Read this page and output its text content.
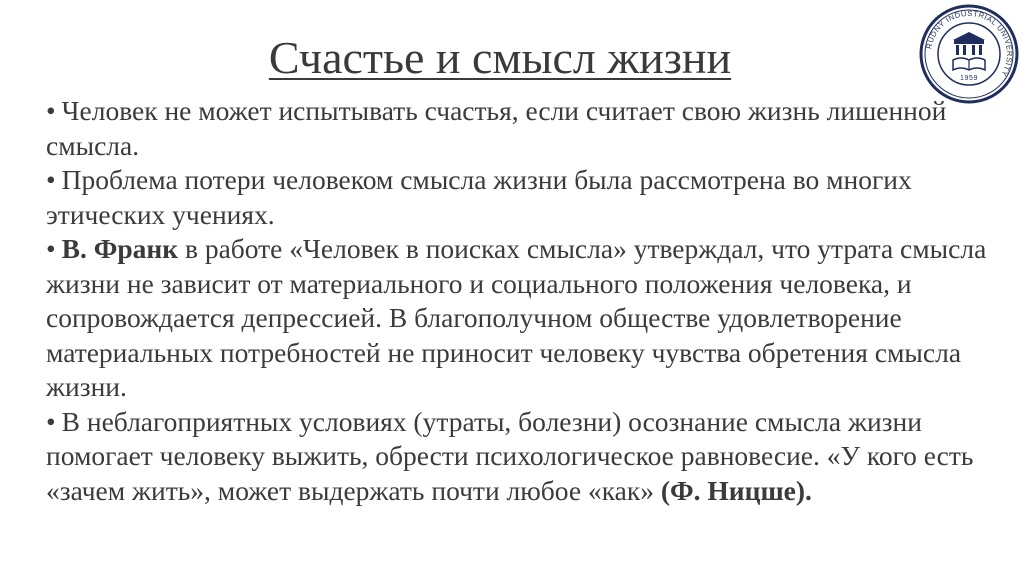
Счастье и смысл жизни	RUDNY INDUSTRIAL UNIVERSITY
1959

• Человек не может испытывать счастья, если считает свою жизнь лишенной смысла.

• Проблема потери человеком смысла жизни была рассмотрена во многих этических учениях.

• В. Франк в работе «Человек в поисках смысла» утверждал, что утрата смысла жизни не зависит от материального и социального положения человека, и сопровождается депрессией. В благополучном обществе удовлетворение материальных потребностей не приносит человеку чувства обретения смысла жизни.

• В неблагоприятных условиях (утраты, болезни) осознание смысла жизни помогает человеку выжить, обрести психологическое равновесие. «У кого есть «зачем жить», может выдержать почти любое «как» (Ф. Ницше).
